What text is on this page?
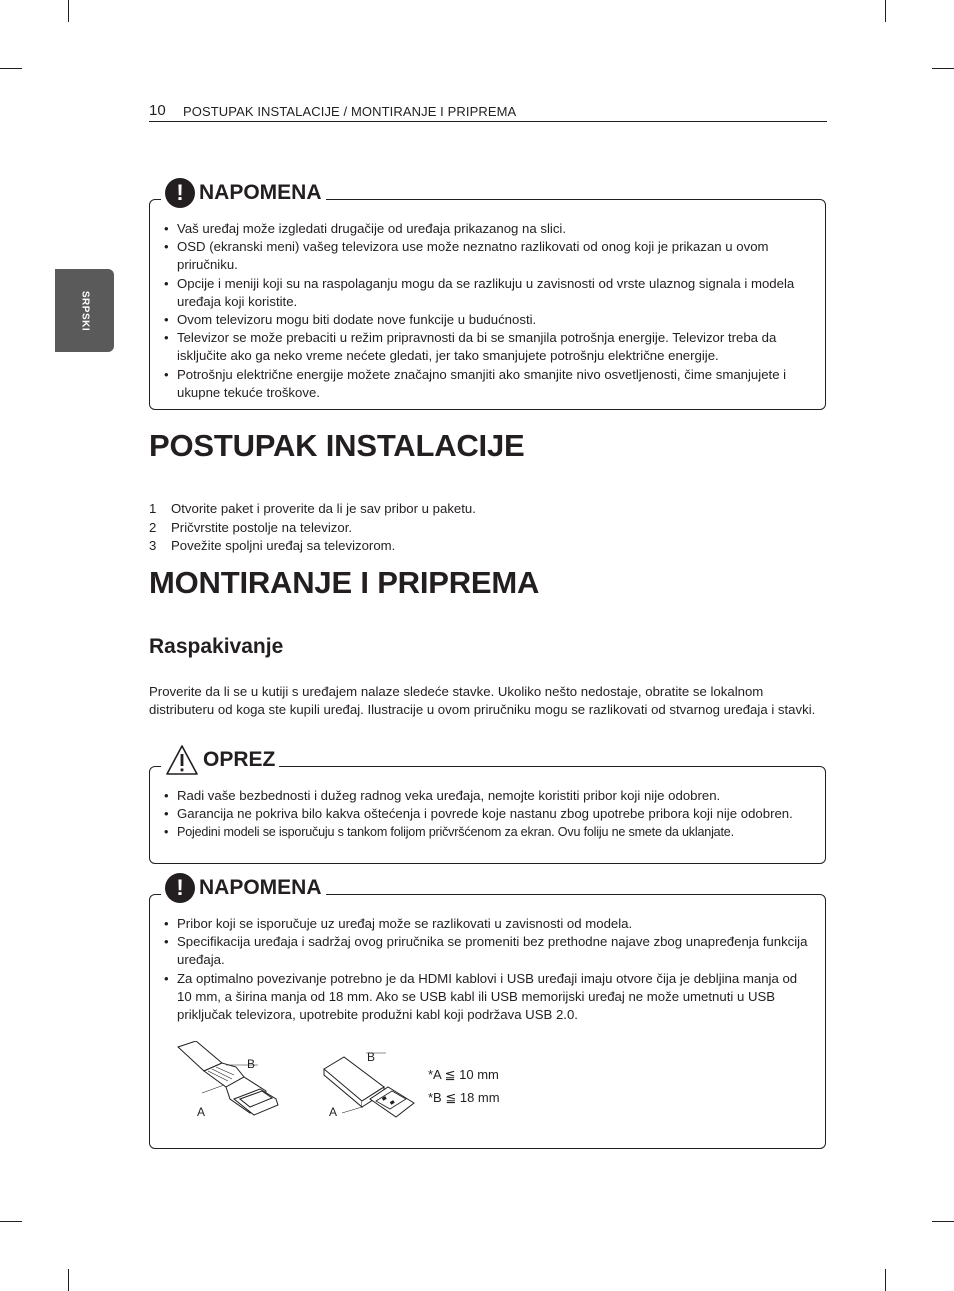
10 POSTUPAK INSTALACIJE / MONTIRANJE I PRIPREMA
SRPSKI
! NAPOMENA
• Vaš uređaj može izgledati drugačije od uređaja prikazanog na slici.
• OSD (ekranski meni) vašeg televizora use može neznatno razlikovati od onog koji je prikazan u ovom priručniku.
• Opcije i meniji koji su na raspolaganju mogu da se razlikuju u zavisnosti od vrste ulaznog signala i modela uređaja koji koristite.
• Ovom televizoru mogu biti dodate nove funkcije u budućnosti.
• Televizor se može prebaciti u režim pripravnosti da bi se smanjila potrošnja energije. Televizor treba da isključite ako ga neko vreme nećete gledati, jer tako smanjujete potrošnju električne energije.
• Potrošnju električne energije možete značajno smanjiti ako smanjite nivo osvetljenosti, čime smanjujete i ukupne tekuće troškove.
POSTUPAK INSTALACIJE
1	Otvorite paket i proverite da li je sav pribor u paketu.
2	Pričvrstite postolje na televizor.
3	Povežite spoljni uređaj sa televizorom.
MONTIRANJE I PRIPREMA
Raspakivanje

Proverite da li se u kutiji s uređajem nalaze sledeće stavke. Ukoliko nešto nedostaje, obratite se lokalnom distributeru od koga ste kupili uređaj. Ilustracije u ovom priručniku mogu se razlikovati od stvarnog uređaja i stavki.

OPREZ
• Radi vaše bezbednosti i dužeg radnog veka uređaja, nemojte koristiti pribor koji nije odobren.
• Garancija ne pokriva bilo kakva oštećenja i povrede koje nastanu zbog upotrebe pribora koji nije odobren.
• Pojedini modeli se isporučuju s tankom folijom pričvršćenom za ekran. Ovu foliju ne smete da uklanjate.
! NAPOMENA
• Pribor koji se isporučuje uz uređaj može se razlikovati u zavisnosti od modela.
• Specifikacija uređaja i sadržaj ovog priručnika se promeniti bez prethodne najave zbog unapređenja funkcija uređaja.
• Za optimalno povezivanje potrebno je da HDMI kablovi i USB uređaji imaju otvore čija je debljina manja od 10 mm, a širina manja od 18 mm. Ako se USB kabl ili USB memorijski uređaj ne može umetnuti u USB priključak televizora, upotrebite produžni kabl koji podržava USB 2.0.
B
A
B
A
*A ≦ 10 mm
*B ≦ 18 mm
